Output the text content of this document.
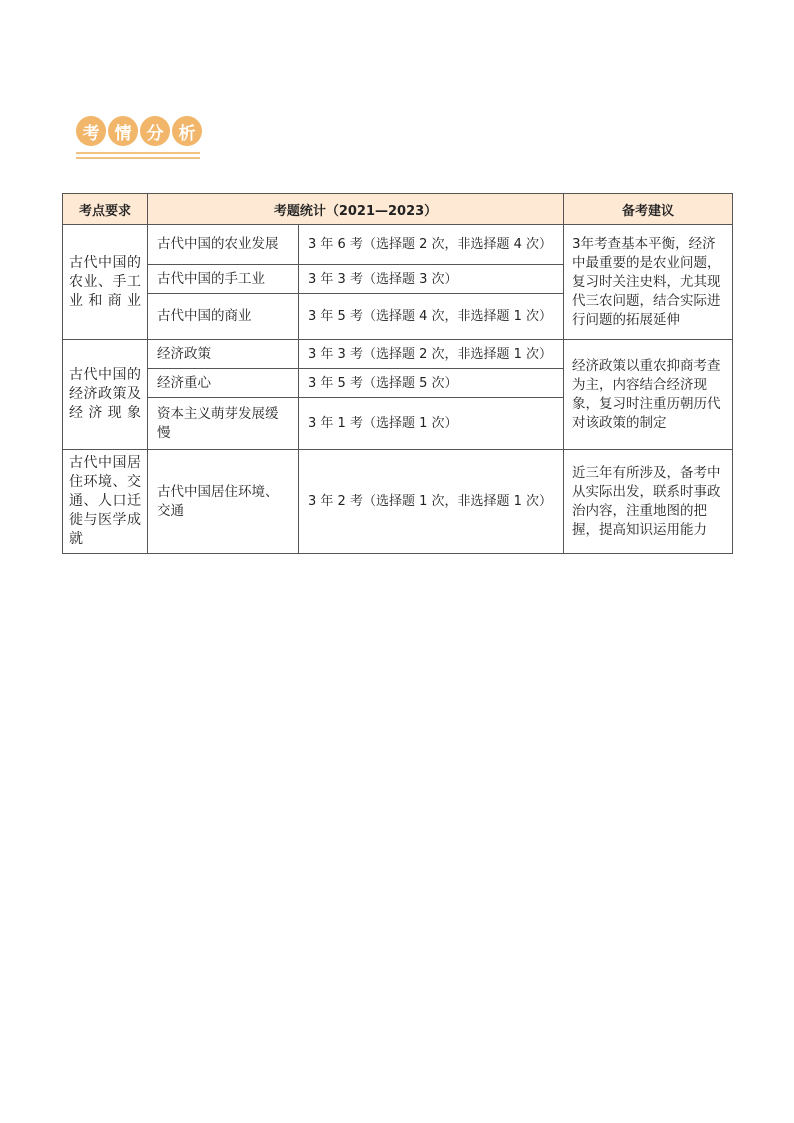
考 情 分 析
考点要求	考题统计（2021—2023）		备考建议
古代中国的农业、手工业和商业	古代中国的农业发展	3 年 6 考（选择题 2 次，非选择题 4 次）	3年考查基本平衡，经济中最重要的是农业问题，复习时关注史料，尤其现代三农问题，结合实际进行问题的拓展延伸
	古代中国的手工业	3 年 3 考（选择题 3 次）	
	古代中国的商业	3 年 5 考（选择题 4 次，非选择题 1 次）	
古代中国的经济政策及经济现象	经济政策	3 年 3 考（选择题 2 次，非选择题 1 次）	经济政策以重农抑商考查为主，内容结合经济现象，复习时注重历朝历代对该政策的制定
	经济重心	3 年 5 考（选择题 5 次）	
	资本主义萌芽发展缓慢	3 年 1 考（选择题 1 次）	
古代中国居住环境、交通、人口迁徙与医学成就	古代中国居住环境、交通	3 年 2 考（选择题 1 次，非选择题 1 次）	近三年有所涉及，备考中从实际出发，联系时事政治内容，注重地图的把握，提高知识运用能力
